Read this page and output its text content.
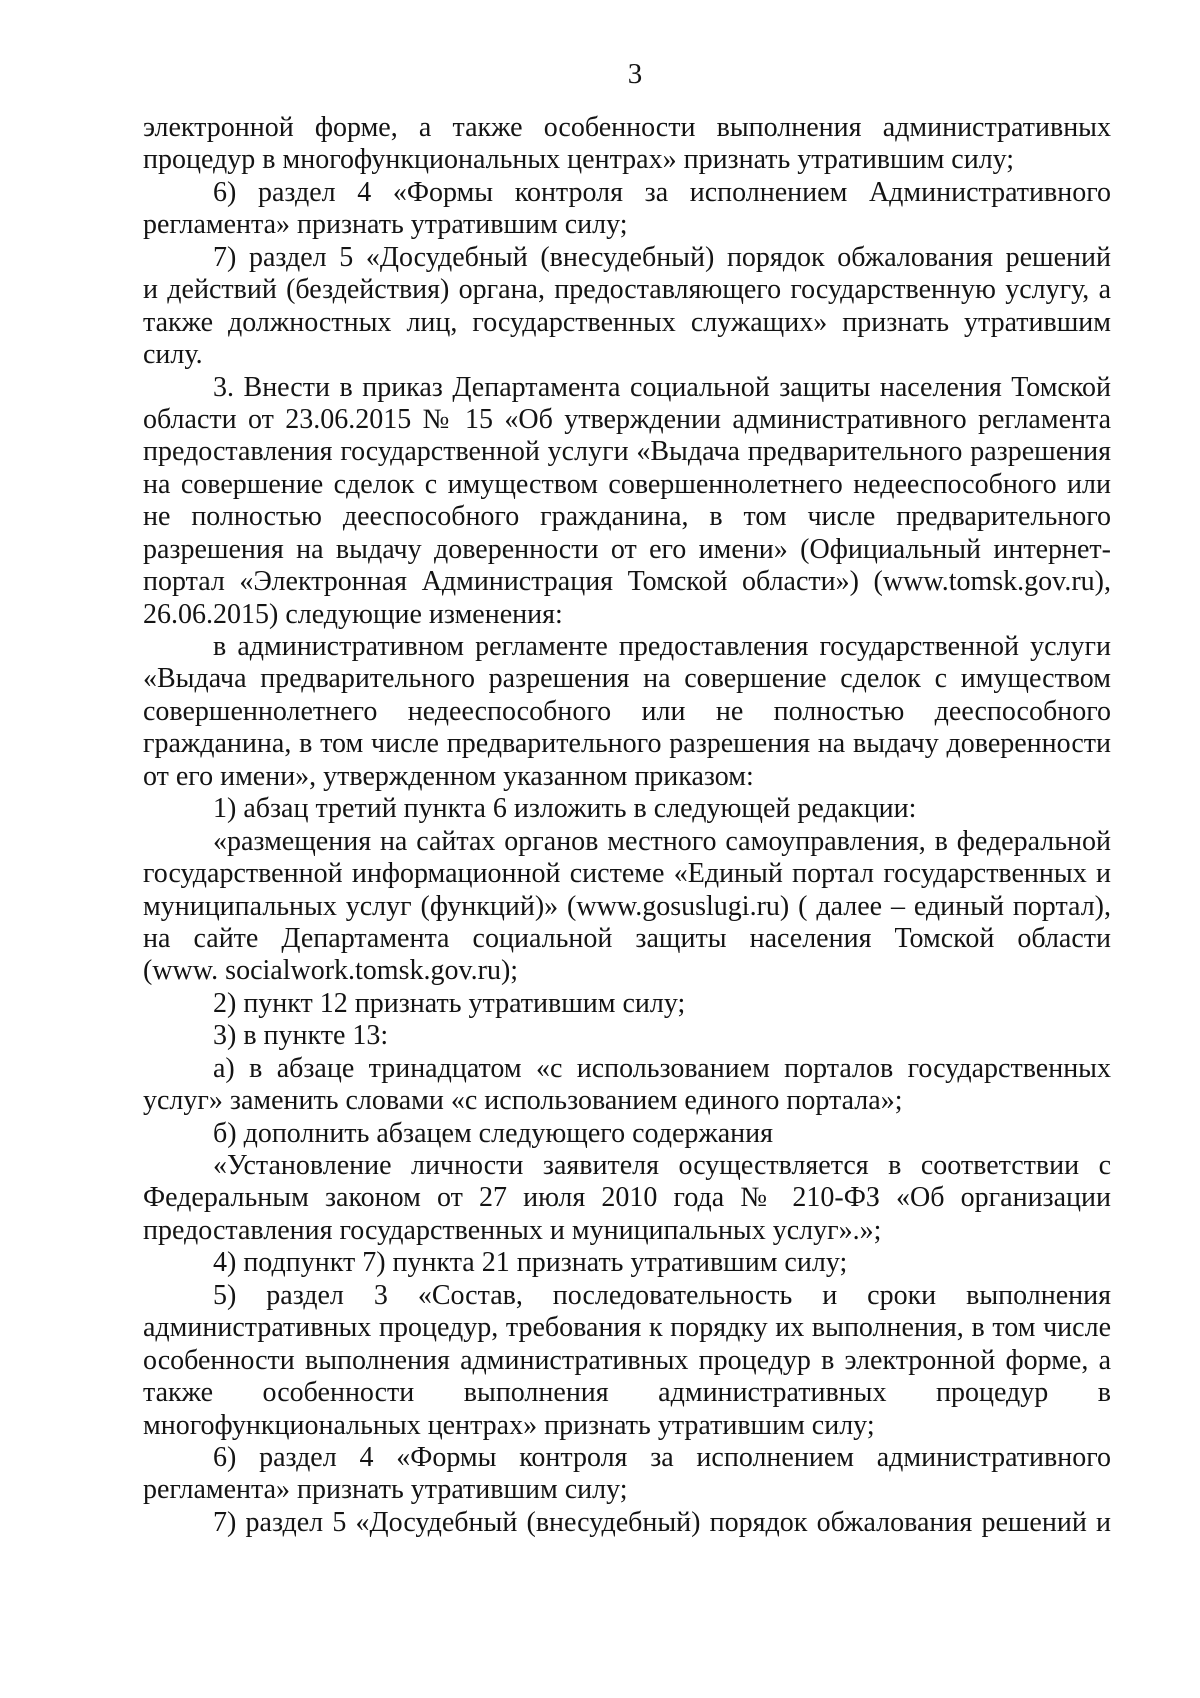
3
электронной форме, а также особенности выполнения административных
процедур в многофункциональных центрах» признать утратившим силу;
6) раздел 4 «Формы контроля за исполнением Административного
регламента» признать утратившим силу;
7) раздел 5 «Досудебный (внесудебный) порядок обжалования решений
и действий (бездействия) органа, предоставляющего государственную услугу, а
также должностных лиц, государственных служащих» признать утратившим
силу.
3. Внести в приказ Департамента социальной защиты населения Томской
области от 23.06.2015 № 15 «Об утверждении административного регламента
предоставления государственной услуги «Выдача предварительного разрешения
на совершение сделок с имуществом совершеннолетнего недееспособного или
не полностью дееспособного гражданина, в том числе предварительного
разрешения на выдачу доверенности от его имени» (Официальный интернет-
портал «Электронная Администрация Томской области») (www.tomsk.gov.ru),
26.06.2015) следующие изменения:
в административном регламенте предоставления государственной услуги
«Выдача предварительного разрешения на совершение сделок с имуществом
совершеннолетнего недееспособного или не полностью дееспособного
гражданина, в том числе предварительного разрешения на выдачу доверенности
от его имени», утвержденном указанном приказом:
1) абзац третий пункта 6 изложить в следующей редакции:
«размещения на сайтах органов местного самоуправления, в федеральной
государственной информационной системе «Единый портал государственных и
муниципальных услуг (функций)» (www.gosuslugi.ru) ( далее – единый портал),
на сайте Департамента социальной защиты населения Томской области
(www. socialwork.tomsk.gov.ru);
2) пункт 12 признать утратившим силу;
3) в пункте 13:
а) в абзаце тринадцатом «с использованием порталов государственных
услуг» заменить словами «с использованием единого портала»;
б) дополнить абзацем следующего содержания
«Установление личности заявителя осуществляется в соответствии с
Федеральным законом от 27 июля 2010 года № 210-ФЗ «Об организации
предоставления государственных и муниципальных услуг».»;
4) подпункт 7) пункта 21 признать утратившим силу;
5) раздел 3 «Состав, последовательность и сроки выполнения
административных процедур, требования к порядку их выполнения, в том числе
особенности выполнения административных процедур в электронной форме, а
также особенности выполнения административных процедур в
многофункциональных центрах» признать утратившим силу;
6) раздел 4 «Формы контроля за исполнением административного
регламента» признать утратившим силу;
7) раздел 5 «Досудебный (внесудебный) порядок обжалования решений и
